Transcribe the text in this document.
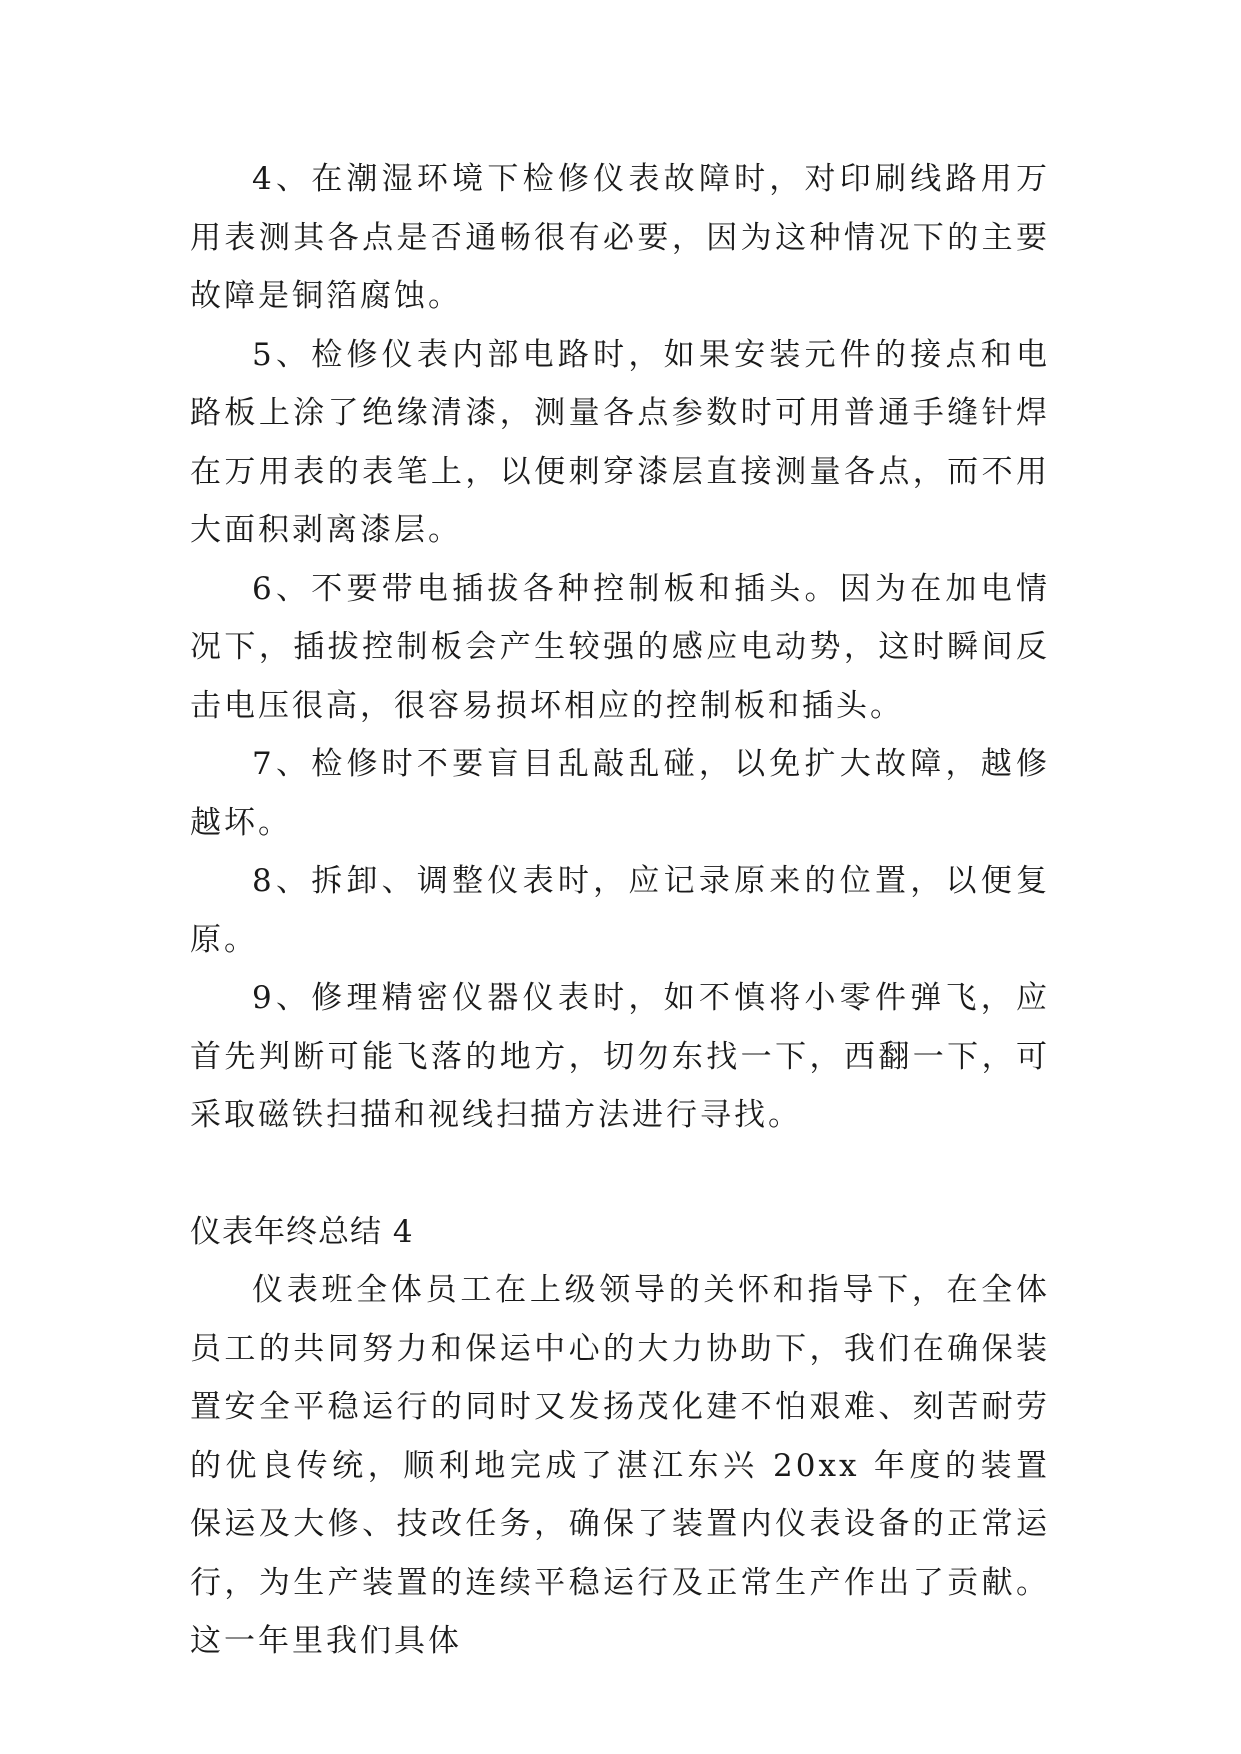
4、在潮湿环境下检修仪表故障时，对印刷线路用万用表测其各点是否通畅很有必要，因为这种情况下的主要故障是铜箔腐蚀。

5、检修仪表内部电路时，如果安装元件的接点和电路板上涂了绝缘清漆，测量各点参数时可用普通手缝针焊在万用表的表笔上，以便刺穿漆层直接测量各点，而不用大面积剥离漆层。

6、不要带电插拔各种控制板和插头。因为在加电情况下，插拔控制板会产生较强的感应电动势，这时瞬间反击电压很高，很容易损坏相应的控制板和插头。

7、检修时不要盲目乱敲乱碰，以免扩大故障，越修越坏。

8、拆卸、调整仪表时，应记录原来的位置，以便复原。

9、修理精密仪器仪表时，如不慎将小零件弹飞，应首先判断可能飞落的地方，切勿东找一下，西翻一下，可采取磁铁扫描和视线扫描方法进行寻找。

仪表年终总结 4

仪表班全体员工在上级领导的关怀和指导下，在全体员工的共同努力和保运中心的大力协助下，我们在确保装置安全平稳运行的同时又发扬茂化建不怕艰难、刻苦耐劳的优良传统，顺利地完成了湛江东兴 20xx 年度的装置保运及大修、技改任务，确保了装置内仪表设备的正常运行，为生产装置的连续平稳运行及正常生产作出了贡献。这一年里我们具体
